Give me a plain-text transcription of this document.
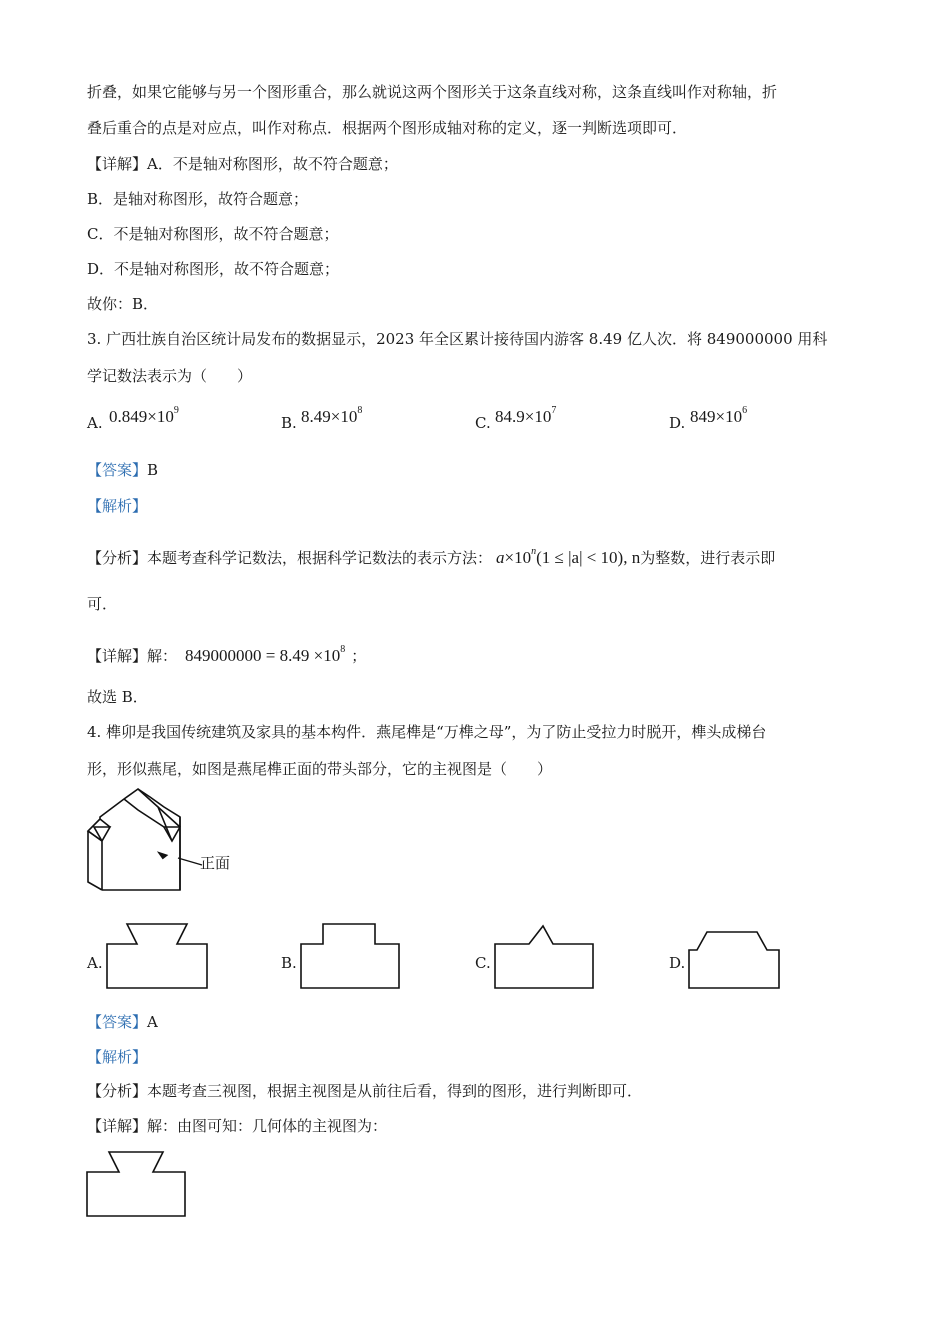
折叠，如果它能够与另一个图形重合，那么就说这两个图形关于这条直线对称，这条直线叫作对称轴，折
叠后重合的点是对应点，叫作对称点．根据两个图形成轴对称的定义，逐一判断选项即可．
【详解】A．不是轴对称图形，故不符合题意；
B．是轴对称图形，故符合题意；
C．不是轴对称图形，故不符合题意；
D．不是轴对称图形，故不符合题意；
故你：B．
3. 广西壮族自治区统计局发布的数据显示，2023 年全区累计接待国内游客 8.49 亿人次．将 849000000 用科
学记数法表示为（　　）
A. $0.849\times 10^9$
B. $8.49\times 10^8$
C. $84.9\times 10^7$
D. $849\times 10^6$
【答案】B
【解析】
【分析】本题考查科学记数法，根据科学记数法的表示方法： $a\times 10^n(1 \le |a| < 10)$, n为整数，进行表示即
可．
【详解】解： $849000000 = 8.49 \times 10^8$ ；
故选 B．
4. 榫卯是我国传统建筑及家具的基本构件．燕尾榫是“万榫之母”，为了防止受拉力时脱开，榫头成梯台
形，形似燕尾，如图是燕尾榫正面的带头部分，它的主视图是（　　）
正面
A.	B.	C.	D.
【答案】A
【解析】
【分析】本题考查三视图，根据主视图是从前往后看，得到的图形，进行判断即可．
【详解】解：由图可知：几何体的主视图为：
